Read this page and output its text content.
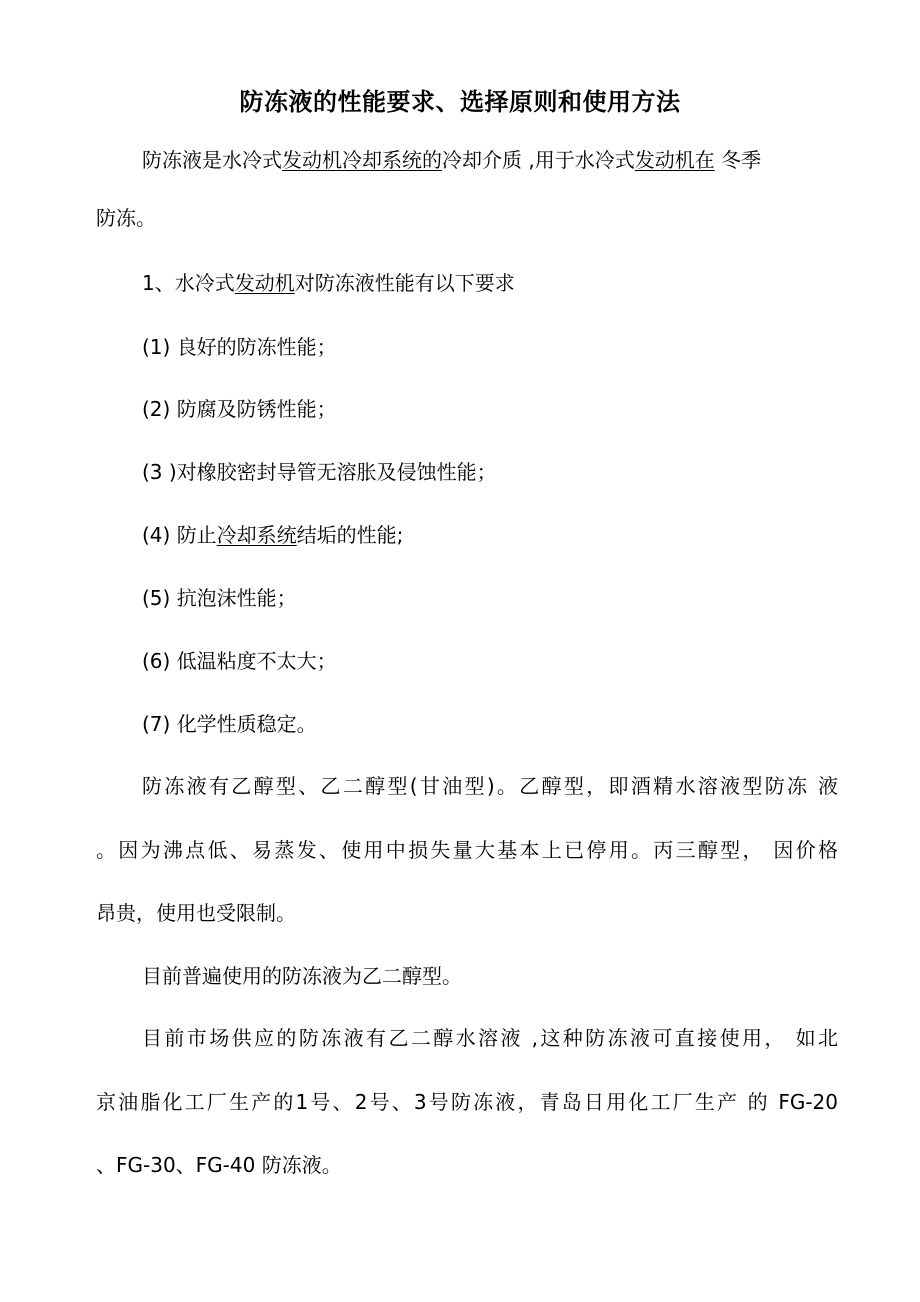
防冻液的性能要求、选择原则和使用方法
防冻液是水冷式发动机冷却系统的冷却介质 ,用于水冷式发动机在 冬季
防冻。
1、水冷式发动机对防冻液性能有以下要求
(1) 良好的防冻性能；
(2) 防腐及防锈性能；
(3 )对橡胶密封导管无溶胀及侵蚀性能；
(4) 防止冷却系统结垢的性能;
(5) 抗泡沫性能；
(6) 低温粘度不太大；
(7) 化学性质稳定。
防冻液有乙醇型、乙二醇型(甘油型)。乙醇型，即酒精水溶液型防冻 液
。因为沸点低、易蒸发、使用中损失量大基本上已停用。丙三醇型， 因价格
昂贵，使用也受限制。
目前普遍使用的防冻液为乙二醇型。
目前市场供应的防冻液有乙二醇水溶液 ,这种防冻液可直接使用， 如北
京油脂化工厂生产的1号、2号、3号防冻液，青岛日用化工厂生产 的 FG-20
、FG-30、FG-40 防冻液。
